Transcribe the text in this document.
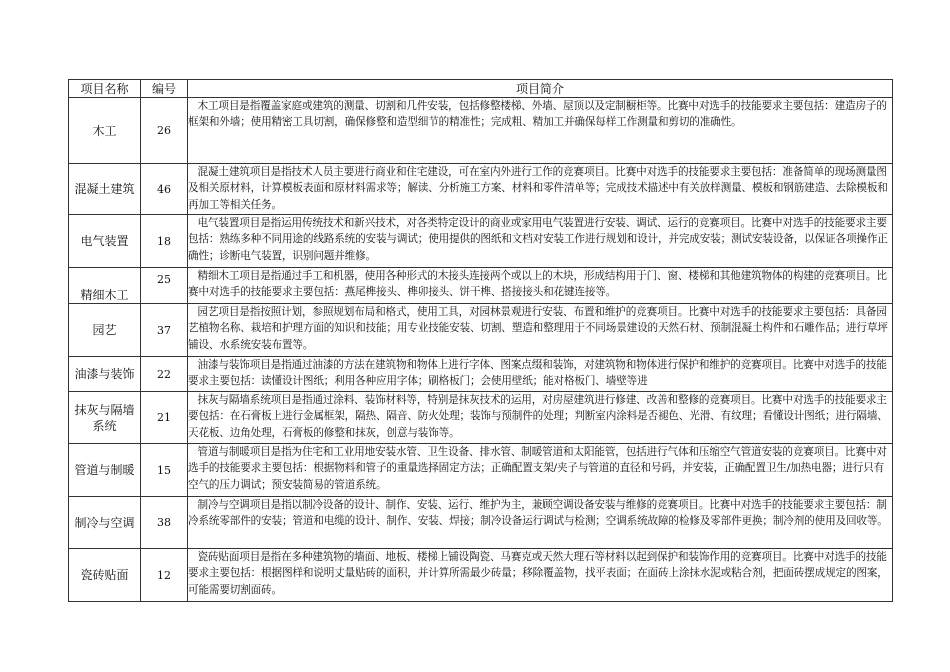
项目名称	编号	项目简介
木工	26	木工项目是指覆盖家庭或建筑的测量、切割和几件安装，包括修整楼梯、外墙、屋顶以及定制橱柜等。比赛中对选手的技能要求主要包括：建造房子的框架和外墙；使用精密工具切割，确保修整和造型细节的精准性；完成粗、精加工并确保每样工作测量和剪切的准确性。
混凝土建筑	46	混凝土建筑项目是指技术人员主要进行商业和住宅建设，可在室内外进行工作的竞赛项目。比赛中对选手的技能要求主要包括：准备简单的现场测量图及相关原材料，计算模板表面和原材料需求等；解读、分析施工方案、材料和零件清单等；完成技术描述中有关放样测量、模板和钢筋建造、去除模板和再加工等相关任务。
电气装置	18	电气装置项目是指运用传统技术和新兴技术，对各类特定设计的商业或家用电气装置进行安装、调试、运行的竞赛项目。比赛中对选手的技能要求主要包括：熟练多种不同用途的线路系统的安装与调试；使用提供的图纸和文档对安装工作进行规划和设计，并完成安装；测试安装设备，以保证各项操作正确性；诊断电气装置，识别问题并维修。
精细木工	25	精细木工项目是指通过手工和机器，使用各种形式的木接头连接两个或以上的木块，形成结构用于门、窗、楼梯和其他建筑物体的构建的竞赛项目。比赛中对选手的技能要求主要包括：燕尾榫接头、榫卯接头、饼干榫、搭接接头和花键连接等。
园艺	37	园艺项目是指按照计划，参照规划布局和格式，使用工具，对园林景观进行安装、布置和维护的竞赛项目。比赛中对选手的技能要求主要包括：具备园艺植物名称、栽培和护理方面的知识和技能；用专业技能安装、切割、塑造和整理用于不同场景建设的天然石材、预制混凝土构件和石雕作品；进行草坪铺设、水系统安装布置等。
油漆与装饰	22	油漆与装饰项目是指通过油漆的方法在建筑物和物体上进行字体、图案点缀和装饰，对建筑物和物体进行保护和维护的竞赛项目。比赛中对选手的技能要求主要包括：读懂设计图纸；利用各种应用字体；刷格板门；会使用壁纸；能对格板门、墙壁等进
抹灰与隔墙系统	21	抹灰与隔墙系统项目是指通过涂料、装饰材料等，特别是抹灰技术的运用，对房屋建筑进行修建、改善和整修的竞赛项目。比赛中对选手的技能要求主要包括：在石膏板上进行金属框架，隔热、隔音、防火处理；装饰与预制件的处理；判断室内涂料是否褪色、光滑、有纹理；看懂设计图纸；进行隔墙、天花板、边角处理，石膏板的修整和抹灰，创意与装饰等。
管道与制暖	15	管道与制暖项目是指为住宅和工业用地安装水管、卫生设备、排水管、制暖管道和太阳能管，包括进行气体和压缩空气管道安装的竞赛项目。比赛中对选手的技能要求主要包括：根据物料和管子的重量选择固定方法；正确配置支架/夹子与管道的直径和号码，并安装，正确配置卫生/加热电器；进行只有空气的压力调试；预安装简易的管道系统。
制冷与空调	38	制冷与空调项目是指以制冷设备的设计、制作、安装、运行、维护为主，兼顾空调设备安装与维修的竞赛项目。比赛中对选手的技能要求主要包括：制冷系统零部件的安装；管道和电缆的设计、制作、安装、焊接；制冷设备运行调试与检测；空调系统故障的检修及零部件更换；制冷剂的使用及回收等。
瓷砖贴面	12	瓷砖贴面项目是指在多种建筑物的墙面、地板、楼梯上铺设陶瓷、马赛克或天然大理石等材料以起到保护和装饰作用的竞赛项目。比赛中对选手的技能要求主要包括：根据图样和说明丈量贴砖的面积，并计算所需最少砖量；移除覆盖物，找平表面；在面砖上涂抹水泥或粘合剂，把面砖摆成规定的图案，可能需要切割面砖。
